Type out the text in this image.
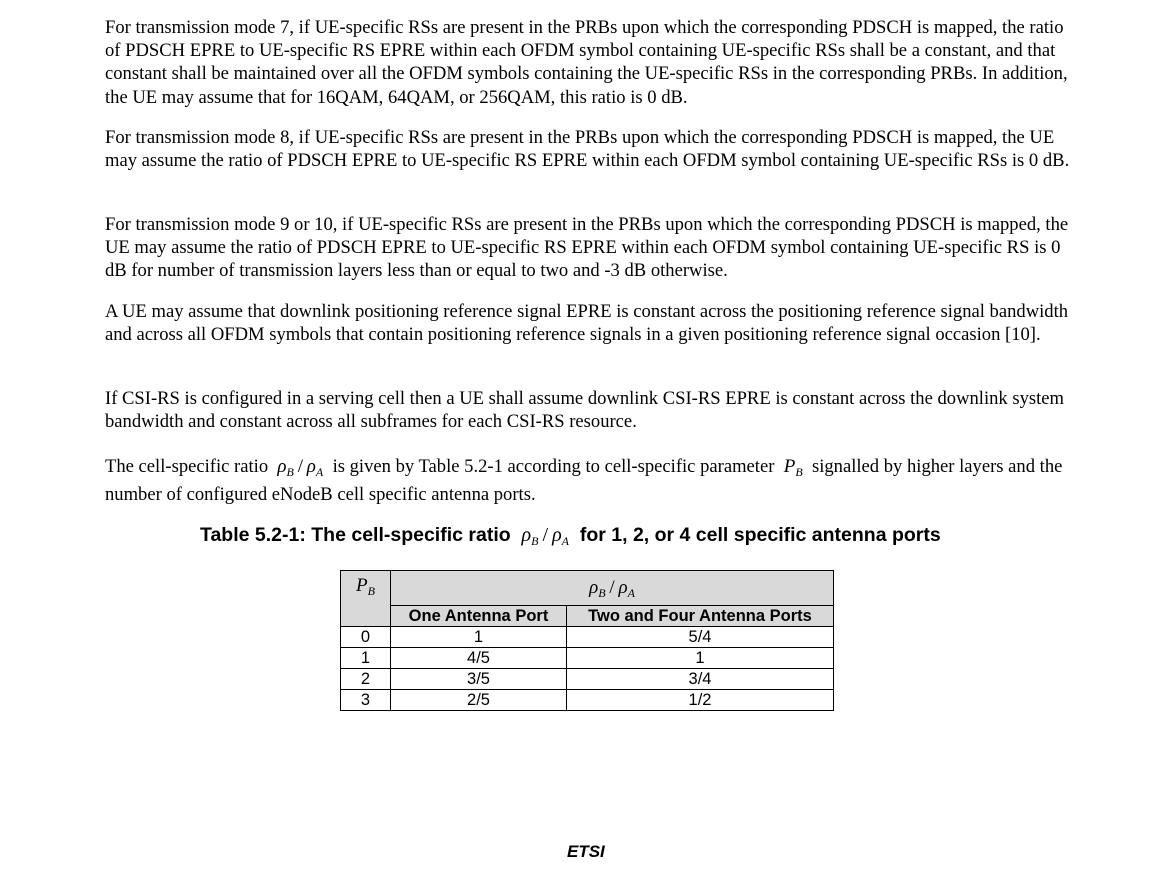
For transmission mode 7, if UE-specific RSs are present in the PRBs upon which the corresponding PDSCH is mapped, the ratio of PDSCH EPRE to UE-specific RS EPRE within each OFDM symbol containing UE-specific RSs shall be a constant, and that constant shall be maintained over all the OFDM symbols containing the UE-specific RSs in the corresponding PRBs. In addition, the UE may assume that for 16QAM, 64QAM, or 256QAM, this ratio is 0 dB.

For transmission mode 8, if UE-specific RSs are present in the PRBs upon which the corresponding PDSCH is mapped, the UE may assume the ratio of PDSCH EPRE to UE-specific RS EPRE within each OFDM symbol containing UE-specific RSs is 0 dB.

For transmission mode 9 or 10, if UE-specific RSs are present in the PRBs upon which the corresponding PDSCH is mapped, the UE may assume the ratio of PDSCH EPRE to UE-specific RS EPRE within each OFDM symbol containing UE-specific RS is 0 dB for number of transmission layers less than or equal to two and -3 dB otherwise.

A UE may assume that downlink positioning reference signal EPRE is constant across the positioning reference signal bandwidth and across all OFDM symbols that contain positioning reference signals in a given positioning reference signal occasion [10].

If CSI-RS is configured in a serving cell then a UE shall assume downlink CSI-RS EPRE is constant across the downlink system bandwidth and constant across all subframes for each CSI-RS resource.

The cell-specific ratio $\rho_B / \rho_A$ is given by Table 5.2-1 according to cell-specific parameter $P_B$ signalled by higher layers and the number of configured eNodeB cell specific antenna ports.

Table 5.2-1: The cell-specific ratio $\rho_B / \rho_A$ for 1, 2, or 4 cell specific antenna ports
$P_B$	$\rho_B / \rho_A$
	One Antenna Port	Two and Four Antenna Ports
0	1	5/4
1	4/5	1
2	3/5	3/4
3	2/5	1/2
ETSI
